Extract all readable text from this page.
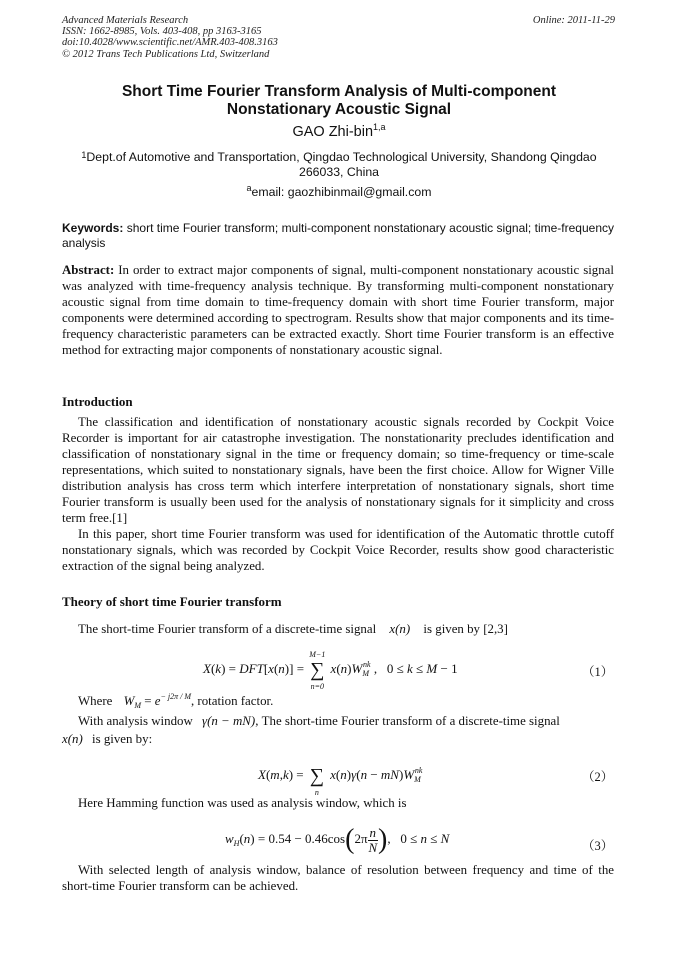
Advanced Materials Research
ISSN: 1662-8985, Vols. 403-408, pp 3163-3165
doi:10.4028/www.scientific.net/AMR.403-408.3163
© 2012 Trans Tech Publications Ltd, Switzerland
Online: 2011-11-29
Short Time Fourier Transform Analysis of Multi-component
Nonstationary Acoustic Signal
GAO Zhi-bin$^{1,a}$
$^1$Dept.of Automotive and Transportation, Qingdao Technological University, Shandong Qingdao
266033, China
$^a$email: gaozhibinmail@gmail.com
Keywords: short time Fourier transform; multi-component nonstationary acoustic signal; time-frequency analysis
Abstract: In order to extract major components of signal, multi-component nonstationary acoustic signal was analyzed with time-frequency analysis technique. By transforming multi-component nonstationary acoustic signal from time domain to time-frequency domain with short time Fourier transform, major components were determined according to spectrogram. Results show that major components and its time-frequency characteristic parameters can be extracted exactly. Short time Fourier transform is an effective method for extracting major components of nonstationary acoustic signal.
Introduction
The classification and identification of nonstationary acoustic signals recorded by Cockpit Voice Recorder is important for air catastrophe investigation. The nonstationarity precludes identification and classification of nonstationary signal in the time or frequency domain; so time-frequency or time-scale representations, which suited to nonstationary signals, have been the first choice. Allow for Wigner Ville distribution analysis has cross term which interfere interpretation of nonstationary signals, short time Fourier transform is usually been used for the analysis of nonstationary signals for it simplicity and cross term free.[1]
In this paper, short time Fourier transform was used for identification of the Automatic throttle cutoff nonstationary signals, which was recorded by Cockpit Voice Recorder, results show good characteristic extraction of the signal being analyzed.
Theory of short time Fourier transform
The short-time Fourier transform of a discrete-time signal x(n) is given by [2,3]
X(k) = DFT[x(n)] =
M−1
∑
n=0
$x(n)W_M^{nk}$ ,   0 ≤ k ≤ M − 1	（1）
Where $W_M = e^{- j2\pi / M}$, rotation factor.
With analysis window γ(n − mN), The short-time Fourier transform of a discrete-time signal
x(n) is given by:
X(m,k) = ∑
n
$x(n)\gamma(n - mN)W_M^{nk}$	（2）
Here Hamming function was used as analysis window, which is
$w_H(n) = 0.54 - 0.46\cos(2\pi \frac{n}{N}$ ),   0 ≤ n ≤ N
（3）
With selected length of analysis window, balance of resolution between frequency and time of the short-time Fourier transform can be achieved.
